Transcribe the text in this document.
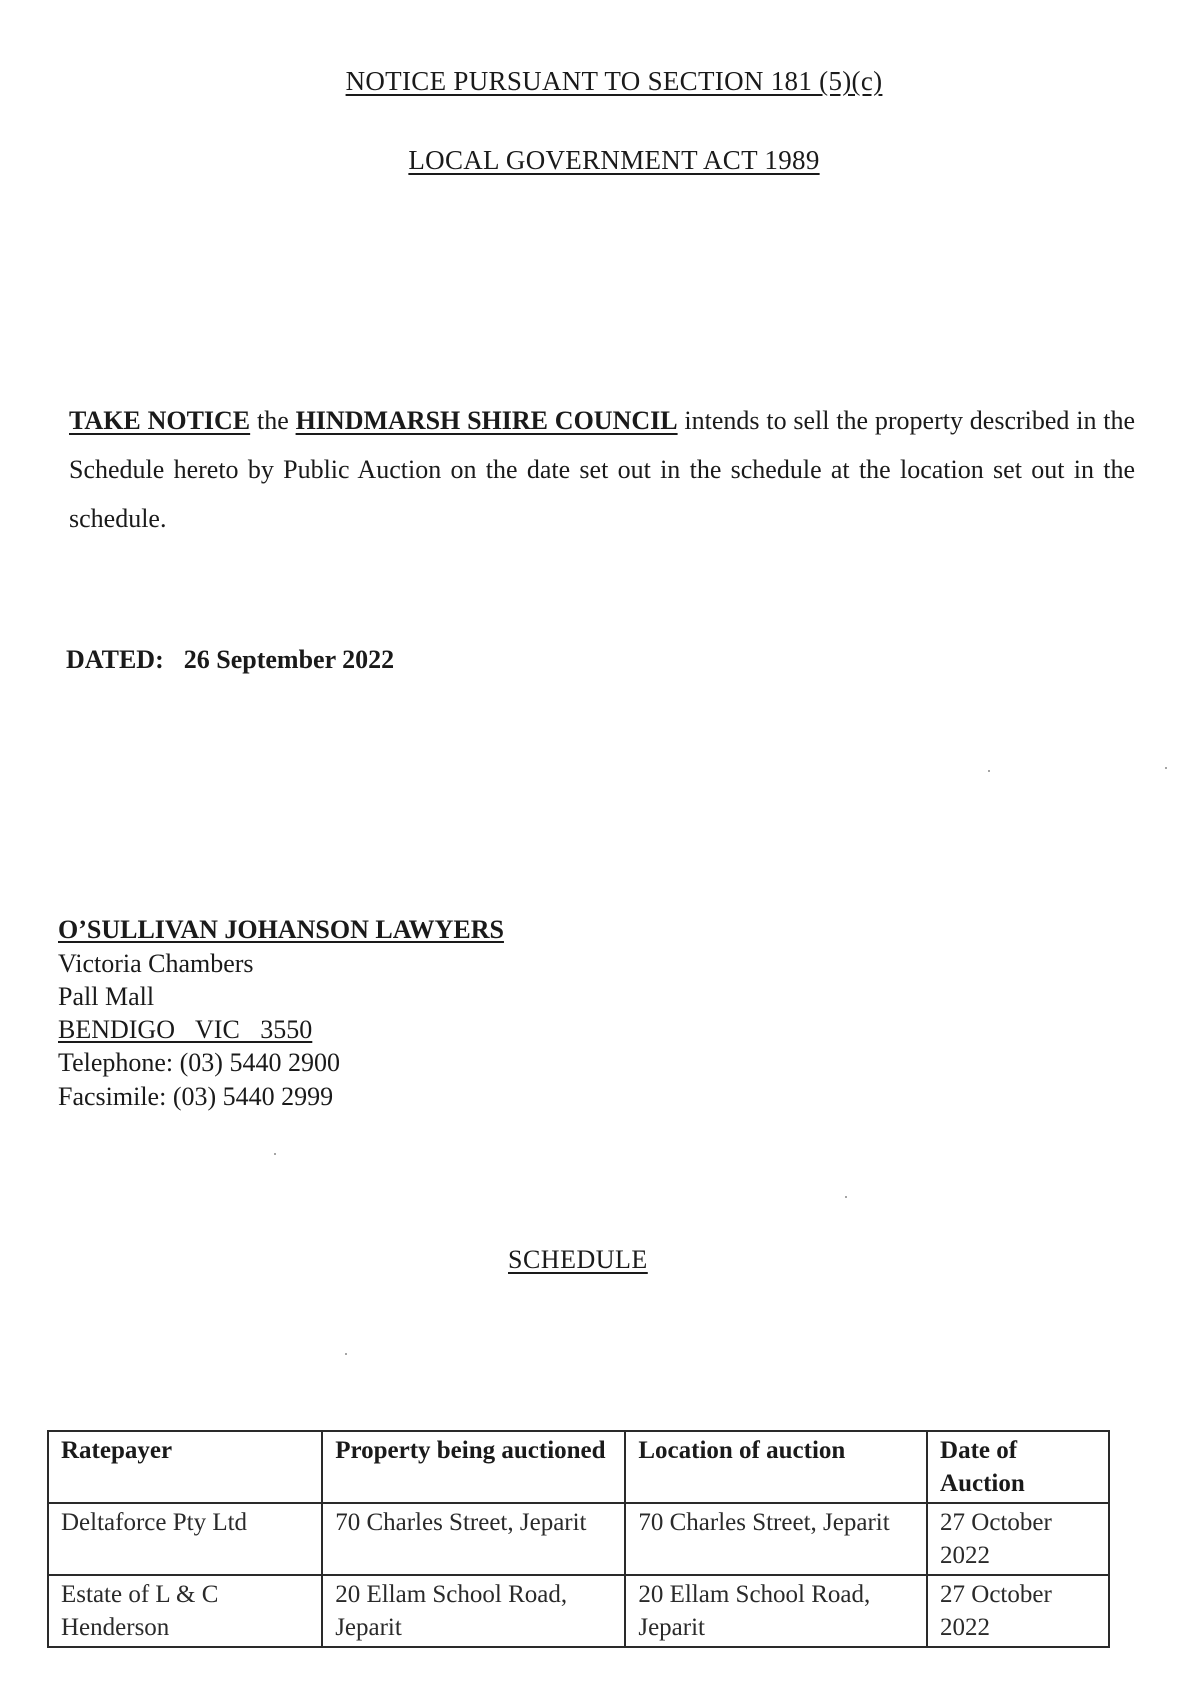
NOTICE PURSUANT TO SECTION 181 (5)(c)
LOCAL GOVERNMENT ACT 1989
TAKE NOTICE the HINDMARSH SHIRE COUNCIL intends to sell the property described in the Schedule hereto by Public Auction on the date set out in the schedule at the location set out in the schedule.
DATED: 26 September 2022
O’SULLIVAN JOHANSON LAWYERS
Victoria Chambers
Pall Mall
BENDIGO VIC 3550
Telephone: (03) 5440 2900
Facsimile: (03) 5440 2999
SCHEDULE
Ratepayer	Property being auctioned	Location of auction	Date of Auction
Deltaforce Pty Ltd	70 Charles Street, Jeparit	70 Charles Street, Jeparit	27 October 2022
Estate of L & C Henderson	20 Ellam School Road, Jeparit	20 Ellam School Road, Jeparit	27 October 2022
